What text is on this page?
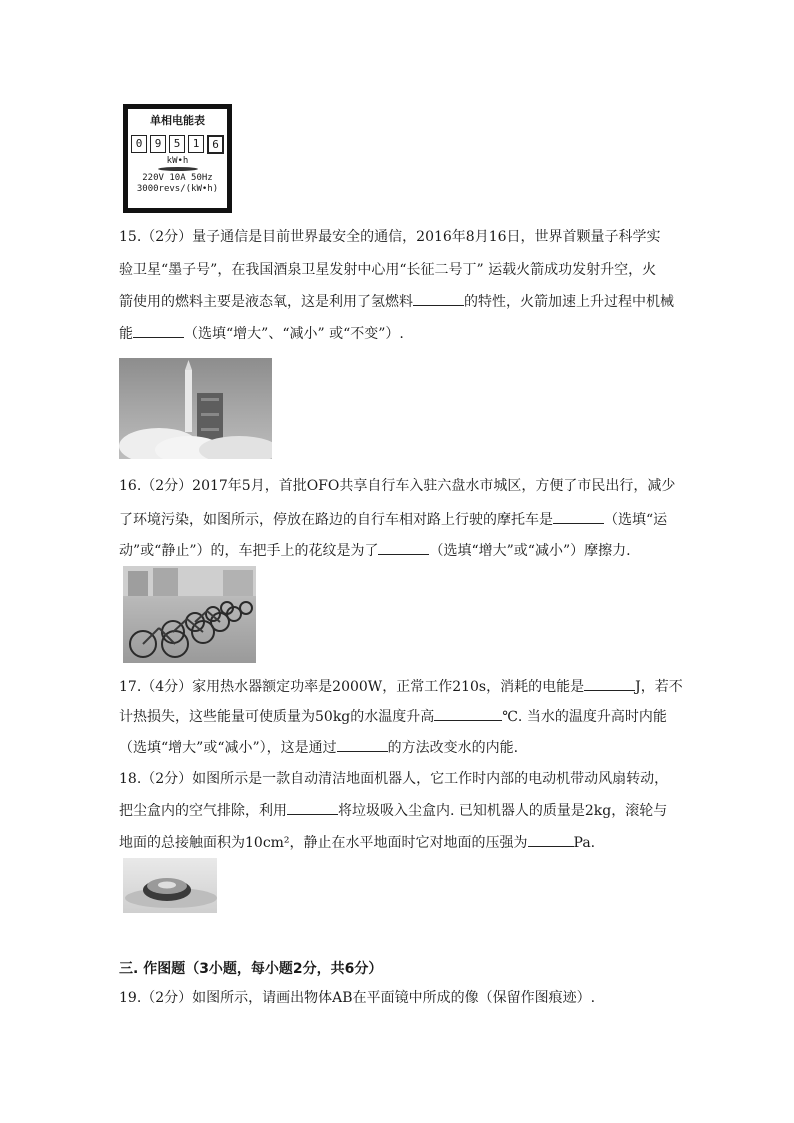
单相电能表
0	9	5	1	6
kW•h
220V 10A 50Hz
3000revs/(kW•h)
15.（2分）量子通信是目前世界最安全的通信，2016年8月16日，世界首颗量子科学实
验卫星“墨子号”，在我国酒泉卫星发射中心用“长征二号丁” 运载火箭成功发射升空，火
箭使用的燃料主要是液态氧，这是利用了氢燃料	的特性，火箭加速上升过程中机械
能	（选填“增大”、“减小” 或“不变”）.
16.（2分）2017年5月，首批OFO共享自行车入驻六盘水市城区，方便了市民出行，减少
了环境污染，如图所示，停放在路边的自行车相对路上行驶的摩托车是	（选填“运
动”或“静止”）的，车把手上的花纹是为了	（选填“增大”或“减小”）摩擦力.
17.（4分）家用热水器额定功率是2000W，正常工作210s，消耗的电能是	J，若不
计热损失，这些能量可使质量为50kg的水温度升高	℃. 当水的温度升高时内能
（选填“增大”或“减小”），这是通过	的方法改变水的内能.
18.（2分）如图所示是一款自动清洁地面机器人，它工作时内部的电动机带动风扇转动，
把尘盒内的空气排除，利用	将垃圾吸入尘盒内. 已知机器人的质量是2kg，滚轮与
地面的总接触面积为10cm²，静止在水平地面时它对地面的压强为	Pa.
三. 作图题（3小题，每小题2分，共6分）
19.（2分）如图所示，请画出物体AB在平面镜中所成的像（保留作图痕迹）.
